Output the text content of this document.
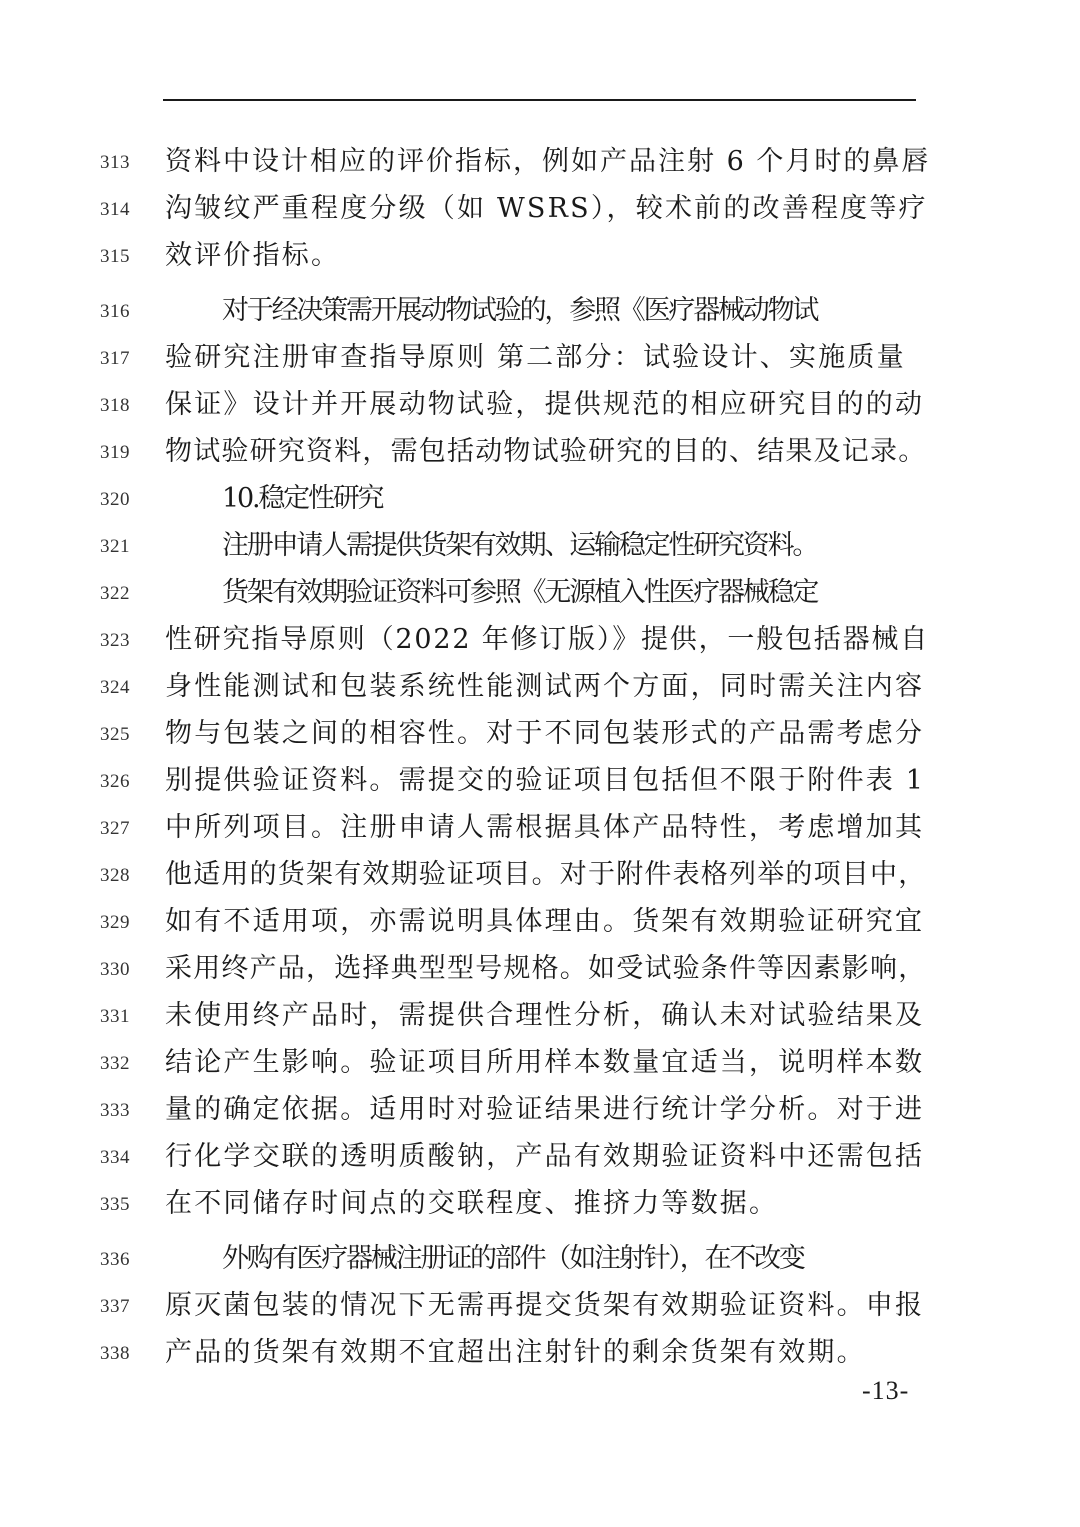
313	资料中设计相应的评价指标，例如产品注射 6 个月时的鼻唇
314	沟皱纹严重程度分级（如 WSRS），较术前的改善程度等疗
315	效评价指标。
316	对于经决策需开展动物试验的，参照《医疗器械动物试
317	验研究注册审查指导原则 第二部分：试验设计、实施质量
318	保证》设计并开展动物试验，提供规范的相应研究目的的动
319	物试验研究资料，需包括动物试验研究的目的、结果及记录。
320	10.稳定性研究
321	注册申请人需提供货架有效期、运输稳定性研究资料。
322	货架有效期验证资料可参照《无源植入性医疗器械稳定
323	性研究指导原则（2022 年修订版）》提供，一般包括器械自
324	身性能测试和包装系统性能测试两个方面，同时需关注内容
325	物与包装之间的相容性。对于不同包装形式的产品需考虑分
326	别提供验证资料。需提交的验证项目包括但不限于附件表 1
327	中所列项目。注册申请人需根据具体产品特性，考虑增加其
328	他适用的货架有效期验证项目。对于附件表格列举的项目中，
329	如有不适用项，亦需说明具体理由。货架有效期验证研究宜
330	采用终产品，选择典型型号规格。如受试验条件等因素影响，
331	未使用终产品时，需提供合理性分析，确认未对试验结果及
332	结论产生影响。验证项目所用样本数量宜适当，说明样本数
333	量的确定依据。适用时对验证结果进行统计学分析。对于进
334	行化学交联的透明质酸钠，产品有效期验证资料中还需包括
335	在不同储存时间点的交联程度、推挤力等数据。
336	外购有医疗器械注册证的部件（如注射针），在不改变
337	原灭菌包装的情况下无需再提交货架有效期验证资料。申报
338	产品的货架有效期不宜超出注射针的剩余货架有效期。
-13-
